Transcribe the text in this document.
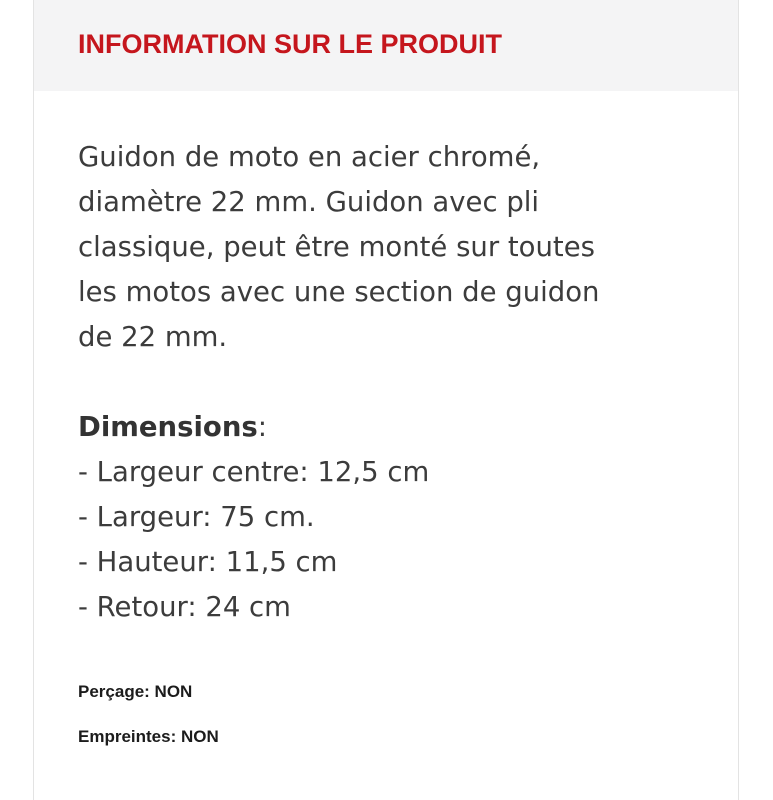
INFORMATION SUR LE PRODUIT

Guidon de moto en acier chromé,
diamètre 22 mm. Guidon avec pli
classique, peut être monté sur toutes
les motos avec une section de guidon
de 22 mm.

Dimensions:

- Largeur centre: 12,5 cm
- Largeur: 75 cm.
- Hauteur: 11,5 cm
- Retour: 24 cm

Perçage: NON

Empreintes: NON
